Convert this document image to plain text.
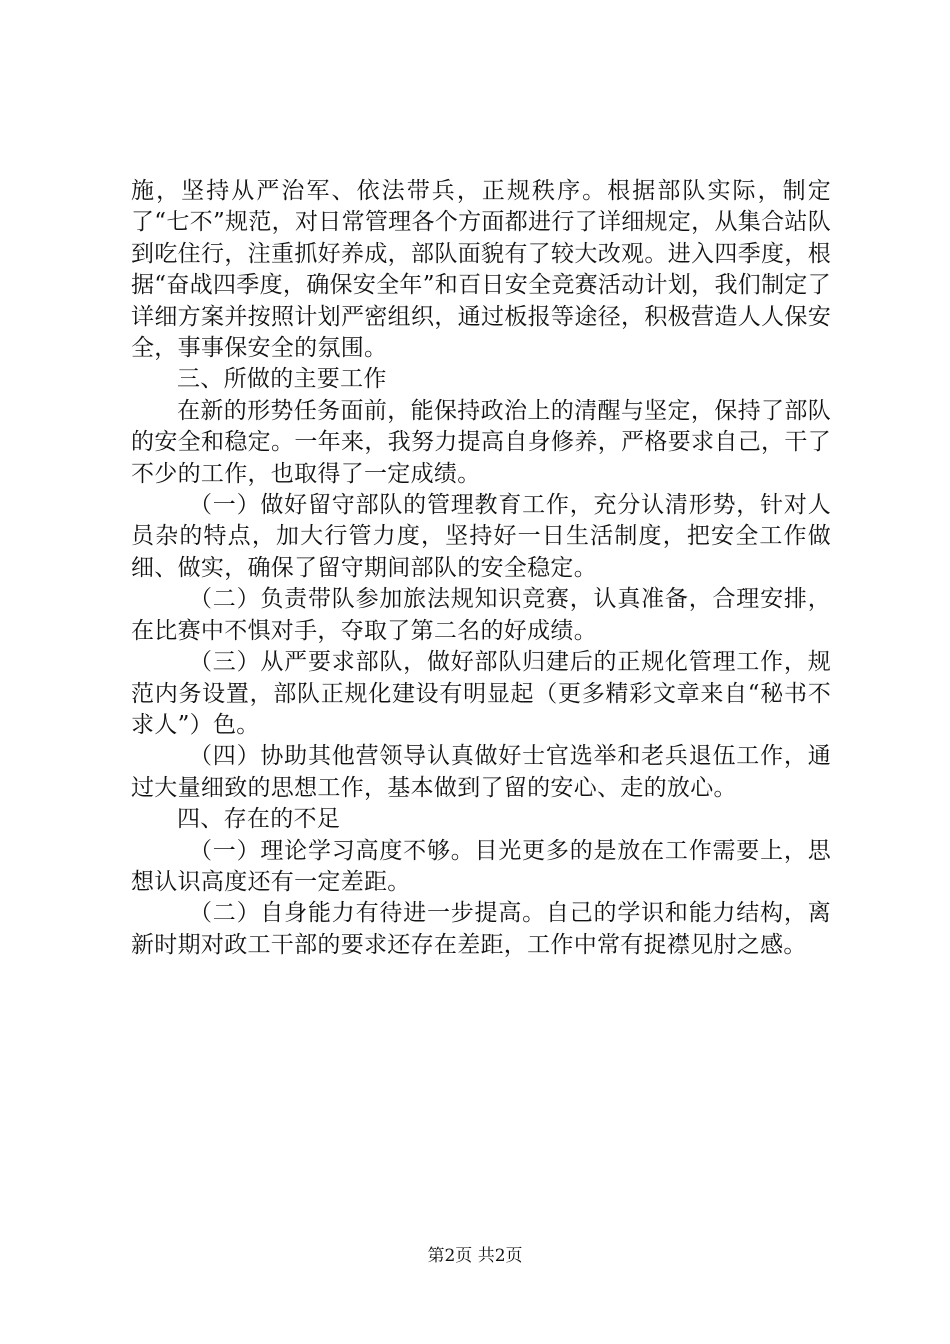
施，坚持从严治军、依法带兵，正规秩序。根据部队实际，制定了“七不”规范，对日常管理各个方面都进行了详细规定，从集合站队到吃住行，注重抓好养成，部队面貌有了较大改观。进入四季度，根据“奋战四季度，确保安全年”和百日安全竞赛活动计划，我们制定了详细方案并按照计划严密组织，通过板报等途径，积极营造人人保安全，事事保安全的氛围。

三、所做的主要工作

在新的形势任务面前，能保持政治上的清醒与坚定，保持了部队的安全和稳定。一年来，我努力提高自身修养，严格要求自己，干了不少的工作，也取得了一定成绩。

（一）做好留守部队的管理教育工作，充分认清形势，针对人员杂的特点，加大行管力度，坚持好一日生活制度，把安全工作做细、做实，确保了留守期间部队的安全稳定。

（二）负责带队参加旅法规知识竞赛，认真准备，合理安排，在比赛中不惧对手，夺取了第二名的好成绩。

（三）从严要求部队，做好部队归建后的正规化管理工作，规范内务设置，部队正规化建设有明显起（更多精彩文章来自“秘书不求人”）色。

（四）协助其他营领导认真做好士官选举和老兵退伍工作，通过大量细致的思想工作，基本做到了留的安心、走的放心。

四、存在的不足

（一）理论学习高度不够。目光更多的是放在工作需要上，思想认识高度还有一定差距。

（二）自身能力有待进一步提高。自己的学识和能力结构，离新时期对政工干部的要求还存在差距，工作中常有捉襟见肘之感。

第2页 共2页
